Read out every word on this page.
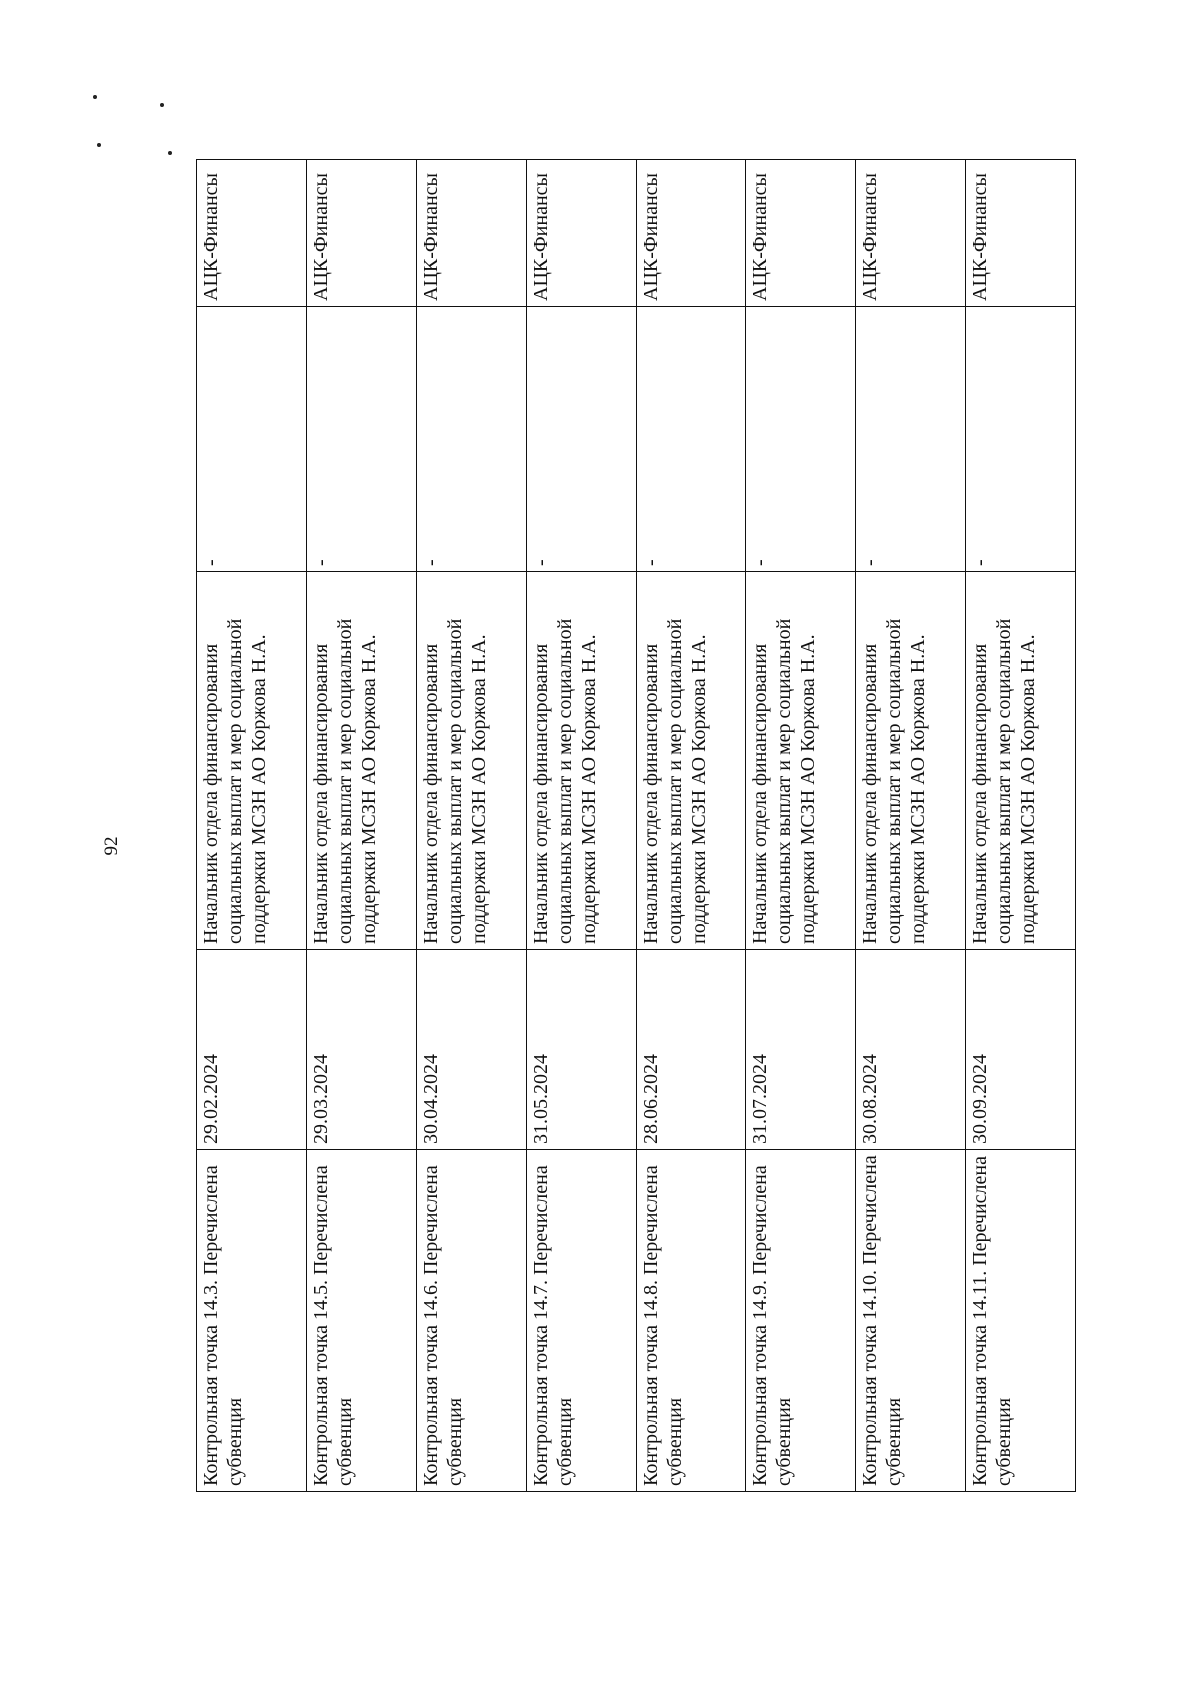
92
Контрольная точка 14.3. Перечислена субвенция	29.02.2024	Начальник отдела финансирования социальных выплат и мер социальной поддержки МСЗН АО Коржова Н.А.	-	АЦК-Финансы
Контрольная точка 14.5. Перечислена субвенция	29.03.2024	Начальник отдела финансирования социальных выплат и мер социальной поддержки МСЗН АО Коржова Н.А.	-	АЦК-Финансы
Контрольная точка 14.6. Перечислена субвенция	30.04.2024	Начальник отдела финансирования социальных выплат и мер социальной поддержки МСЗН АО Коржова Н.А.	-	АЦК-Финансы
Контрольная точка 14.7. Перечислена субвенция	31.05.2024	Начальник отдела финансирования социальных выплат и мер социальной поддержки МСЗН АО Коржова Н.А.	-	АЦК-Финансы
Контрольная точка 14.8. Перечислена субвенция	28.06.2024	Начальник отдела финансирования социальных выплат и мер социальной поддержки МСЗН АО Коржова Н.А.	-	АЦК-Финансы
Контрольная точка 14.9. Перечислена субвенция	31.07.2024	Начальник отдела финансирования социальных выплат и мер социальной поддержки МСЗН АО Коржова Н.А.	-	АЦК-Финансы
Контрольная точка 14.10. Перечислена субвенция	30.08.2024	Начальник отдела финансирования социальных выплат и мер социальной поддержки МСЗН АО Коржова Н.А.	-	АЦК-Финансы
Контрольная точка 14.11. Перечислена субвенция	30.09.2024	Начальник отдела финансирования социальных выплат и мер социальной поддержки МСЗН АО Коржова Н.А.	-	АЦК-Финансы
